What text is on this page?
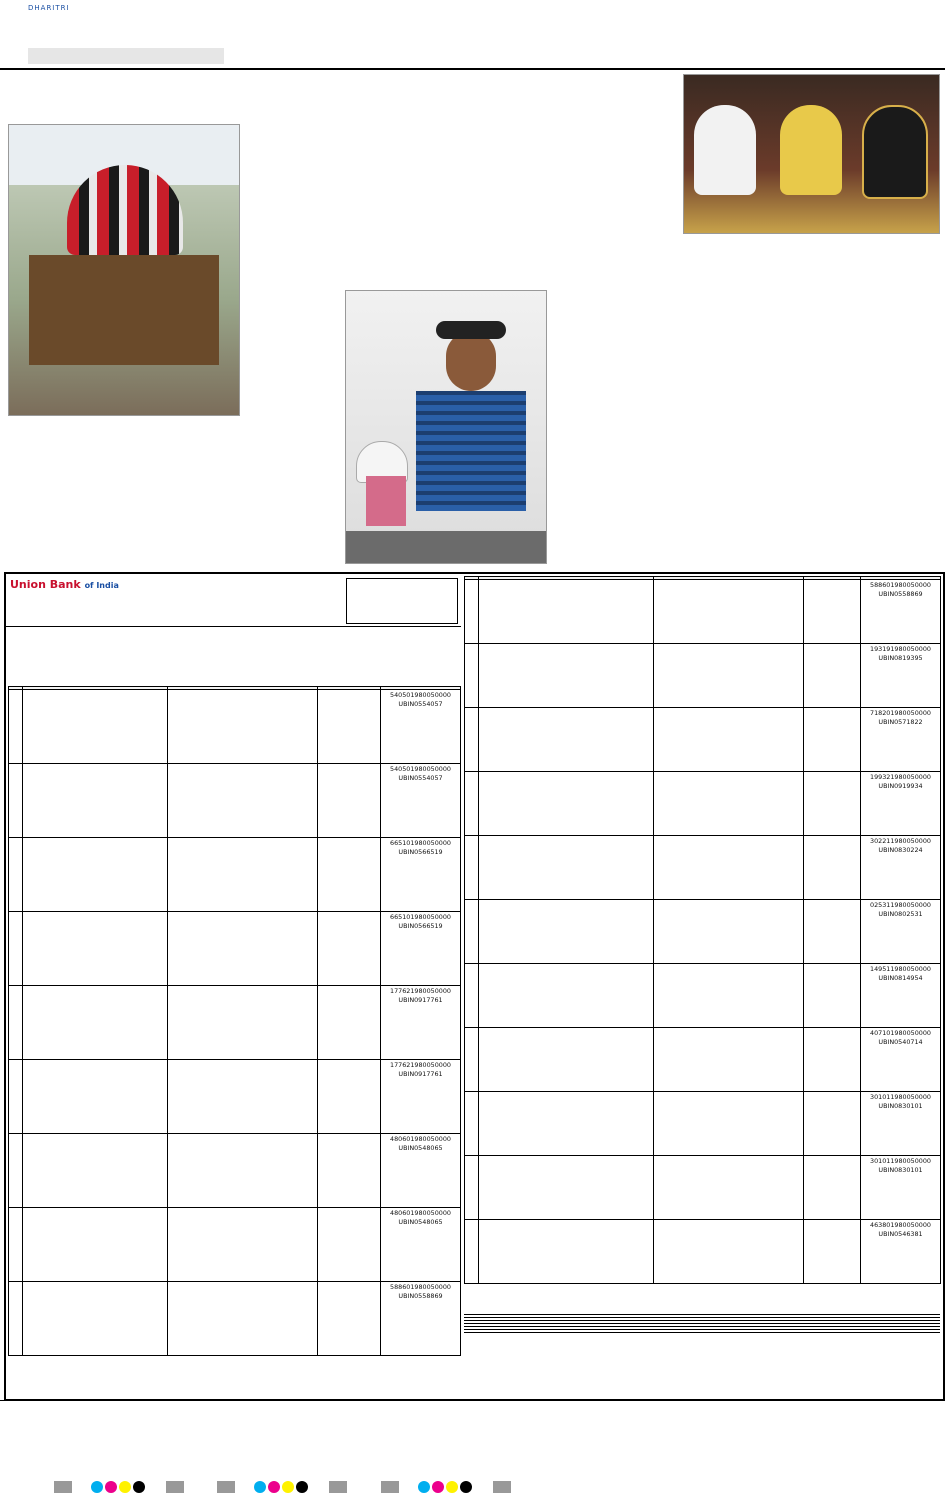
DHARITRI
Union Bank of India

				540501980050000
UBIN0554057

				540501980050000
UBIN0554057

				665101980050000
UBIN0566519

				665101980050000
UBIN0566519

				177621980050000
UBIN0917761

				177621980050000
UBIN0917761

				480601980050000
UBIN0548065

				480601980050000
UBIN0548065

				588601980050000
UBIN0558869

				588601980050000
UBIN0558869

				193191980050000
UBIN0819395

				718201980050000
UBIN0571822

				199321980050000
UBIN0919934

				302211980050000
UBIN0830224

				025311980050000
UBIN0802531

				149511980050000
UBIN0814954

				407101980050000
UBIN0540714

				301011980050000
UBIN0830101

				301011980050000
UBIN0830101

				463801980050000
UBIN0546381
